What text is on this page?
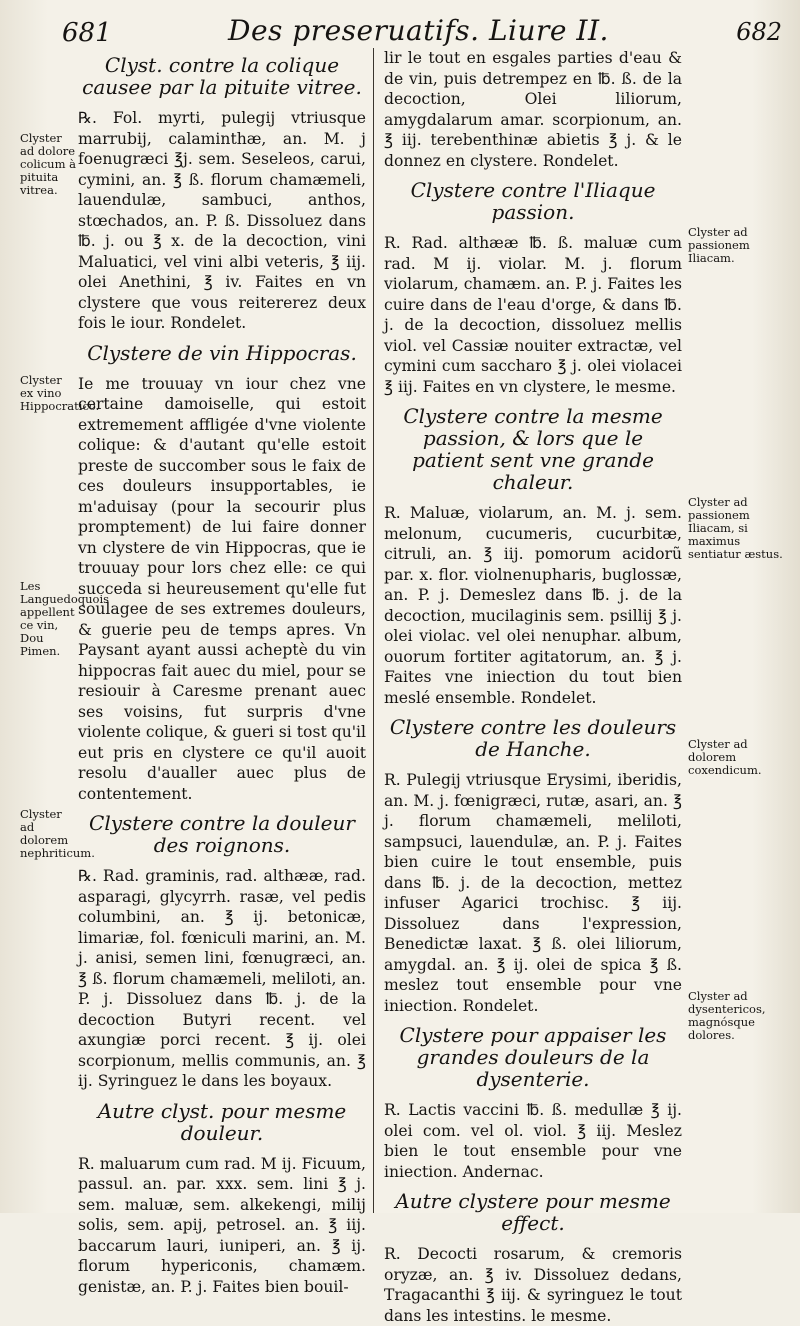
681	Des preseruatifs. Liure II.	682
Clyster ad dolore colicum à pituita vitrea.
Clyster ex vino Hippocratico.
Les Languedoquois appellent ce vin, Dou Pimen.
Clyster ad dolorem nephriticum.
Clyster ad passionem Iliacam.
Clyster ad passionem Iliacam, si maximus sentiatur æstus.
Clyster ad dolorem coxendicum.
Clyster ad dysentericos, magnósque dolores.
Clyst. contre la colique causee par la pituite vitree.

℞. Fol. myrti, pulegij vtriusque marrubij, calaminthæ, an. M. j foenugræci ℥j. sem. Seseleos, carui, cymini, an. ℥ ß. florum chamæmeli, lauendulæ, sambuci, anthos, stœchados, an. P. ß. Dissoluez dans ℔. j. ou ℥ x. de la decoction, vini Maluatici, vel vini albi veteris, ℥ iij. olei Anethini, ℥ iv. Faites en vn clystere que vous reitererez deux fois le iour. Rondelet.

Clystere de vin Hippocras.

Ie me trouuay vn iour chez vne certaine damoiselle, qui estoit extremement affligée d'vne violente colique: & d'autant qu'elle estoit preste de succomber sous le faix de ces douleurs insupportables, ie m'aduisay (pour la secourir plus promptement) de lui faire donner vn clystere de vin Hippocras, que ie trouuay pour lors chez elle: ce qui succeda si heureusement qu'elle fut soulagee de ses extremes douleurs, & guerie peu de temps apres. Vn Paysant ayant aussi acheptè du vin hippocras fait auec du miel, pour se resiouir à Caresme prenant auec ses voisins, fut surpris d'vne violente colique, & gueri si tost qu'il eut pris en clystere ce qu'il auoit resolu d'aualler auec plus de contentement.

Clystere contre la douleur des roignons.

℞. Rad. graminis, rad. althææ, rad. asparagi, glycyrrh. rasæ, vel pedis columbini, an. ℥ ij. betonicæ, limariæ, fol. fœniculi marini, an. M. j. anisi, semen lini, fœnugræci, an. ℥ ß. florum chamæmeli, meliloti, an. P. j. Dissoluez dans ℔. j. de la decoction Butyri recent. vel axungiæ porci recent. ℥ ij. olei scorpionum, mellis communis, an. ℥ ij. Syringuez le dans les boyaux.

Autre clyst. pour mesme douleur.

R. maluarum cum rad. M ij. Ficuum, passul. an. par. xxx. sem. lini ℥ j. sem. maluæ, sem. alkekengi, milij solis, sem. apij, petrosel. an. ℥ iij. baccarum lauri, iuniperi, an. ℥ ij. florum hypericonis, chamæm. genistæ, an. P. j. Faites bien bouil-

lir le tout en esgales parties d'eau & de vin, puis detrempez en ℔. ß. de la decoction, Olei liliorum, amygdalarum amar. scorpionum, an. ℥ iij. terebenthinæ abietis ℥ j. & le donnez en clystere. Rondelet.

Clystere contre l'Iliaque passion.

R. Rad. althææ ℔. ß. maluæ cum rad. M ij. violar. M. j. florum violarum, chamæm. an. P. j. Faites les cuire dans de l'eau d'orge, & dans ℔. j. de la decoction, dissoluez mellis viol. vel Cassiæ nouiter extractæ, vel cymini cum saccharo ℥ j. olei violacei ℥ iij. Faites en vn clystere, le mesme.

Clystere contre la mesme passion, & lors que le patient sent vne grande chaleur.

R. Maluæ, violarum, an. M. j. sem. melonum, cucumeris, cucurbitæ, citruli, an. ℥ iij. pomorum acidorũ par. x. flor. violnenupharis, buglossæ, an. P. j. Demeslez dans ℔. j. de la decoction, mucilaginis sem. psillij ℥ j. olei violac. vel olei nenuphar. album, ouorum fortiter agitatorum, an. ℥ j. Faites vne iniection du tout bien meslé ensemble. Rondelet.

Clystere contre les douleurs de Hanche.

R. Pulegij vtriusque Erysimi, iberidis, an. M. j. fœnigræci, rutæ, asari, an. ℥ j. florum chamæmeli, meliloti, sampsuci, lauendulæ, an. P. j. Faites bien cuire le tout ensemble, puis dans ℔. j. de la decoction, mettez infuser Agarici trochisc. ℥ iij. Dissoluez dans l'expression, Benedictæ laxat. ℥ ß. olei liliorum, amygdal. an. ℥ ij. olei de spica ℥ ß. meslez tout ensemble pour vne iniection. Rondelet.

Clystere pour appaiser les grandes douleurs de la dysenterie.

R. Lactis vaccini ℔. ß. medullæ ℥ ij. olei com. vel ol. viol. ℥ iij. Meslez bien le tout ensemble pour vne iniection. Andernac.

Autre clystere pour mesme effect.

R. Decocti rosarum, & cremoris oryzæ, an. ℥ iv. Dissoluez dedans, Tragacanthi ℥ iij. & syringuez le tout dans les intestins. le mesme.
